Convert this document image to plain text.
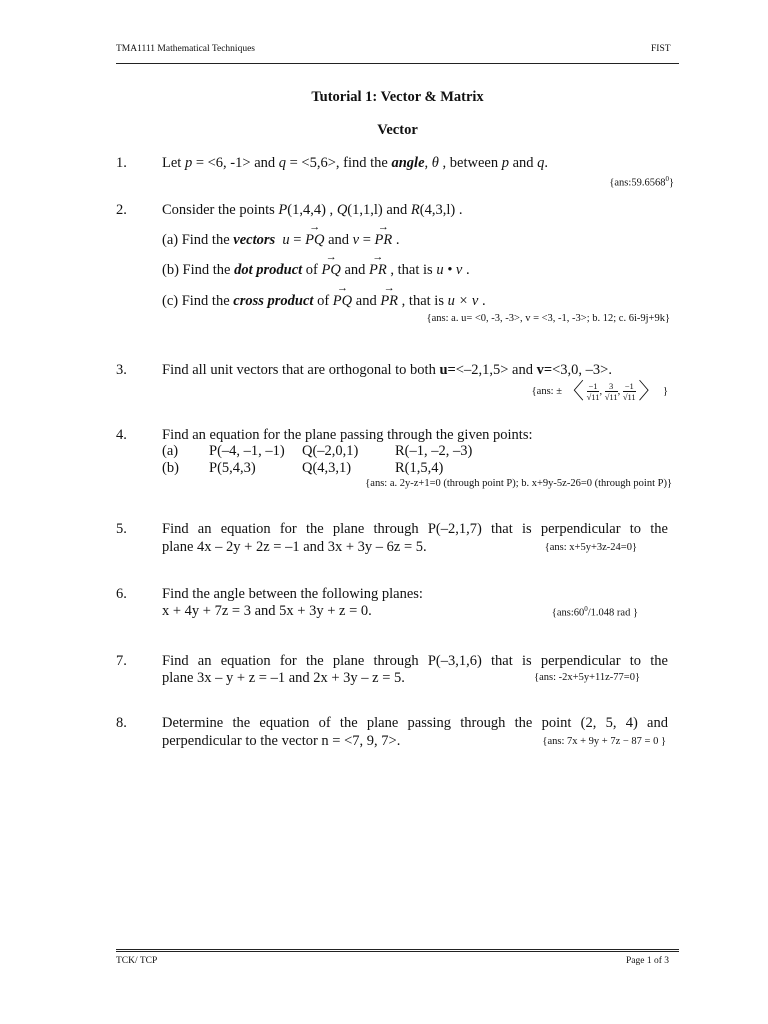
TMA1111 Mathematical Techniques	FIST
Tutorial 1: Vector & Matrix
Vector
1. Let p = <6, -1> and q = <5,6>, find the angle, θ , between p and q.
{ans:59.6568$^0$}
2. Consider the points P(1,4,4) , Q(1,1,l) and R(4,3,l) .
(a) Find the vectors u =
→
PQ and v =
→
PR .
(b) Find the dot product of
→
PQ and
→
PR , that is u • v .
(c) Find the cross product of
→
PQ and
→
PR , that is u × v .
{ans: a. u= <0, -3, -3>, v = <3, -1, -3>; b. 12; c. 6i-9j+9k}
3. Find all unit vectors that are orthogonal to both u=<–2,1,5> and v=<3,0, –3>.
{ans: ±〈 $\frac{-1}{√11}$ , $\frac{3}{√11}$ , $\frac{-1}{√11}$ 〉 }
4. Find an equation for the plane passing through the given points:
(a) P(–4, –1, –1) Q(–2,0,1)	R(–1, –2, –3)
(b) P(5,4,3)	Q(4,3,1)	R(1,5,4)
{ans: a. 2y-z+1=0 (through point P); b. x+9y-5z-26=0 (through point P)}
5. Find an equation for the plane through P(–2,1,7) that is perpendicular to the
plane 4x – 2y + 2z = –1 and 3x + 3y – 6z = 5.	{ans: x+5y+3z-24=0}
6. Find the angle between the following planes:
x + 4y + 7z = 3 and 5x + 3y + z = 0.	{$ans:60^0/1.048$ rad }
7. Find an equation for the plane through P(–3,1,6) that is perpendicular to the
plane 3x – y + z = –1 and 2x + 3y – z = 5.	{ans: -2x+5y+11z-77=0}
8. Determine the equation of the plane passing through the point (2, 5, 4) and
perpendicular to the vector n = <7, 9, 7>.	{ans: 7x + 9y + 7z − 87 = 0 }
TCK/ TCP	Page 1 of 3
